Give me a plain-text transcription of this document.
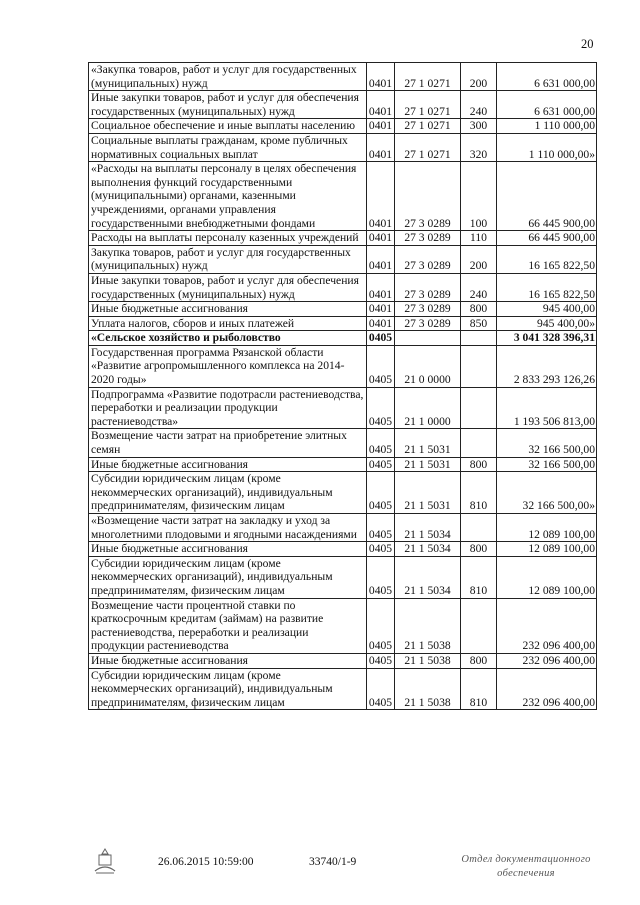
20
«Закупка товаров, работ и услуг для государственных (муниципальных) нужд	0401	27 1 0271	200	6 631 000,00
Иные закупки товаров, работ и услуг для обеспечения государственных (муниципальных) нужд	0401	27 1 0271	240	6 631 000,00
Социальное обеспечение и иные выплаты населению	0401	27 1 0271	300	1 110 000,00
Социальные выплаты гражданам, кроме публичных нормативных социальных выплат	0401	27 1 0271	320	1 110 000,00»
«Расходы на выплаты персоналу в целях обеспечения выполнения функций государственными (муниципальными) органами, казенными учреждениями, органами управления государственными внебюджетными фондами	0401	27 3 0289	100	66 445 900,00
Расходы на выплаты персоналу казенных учреждений	0401	27 3 0289	110	66 445 900,00
Закупка товаров, работ и услуг для государственных (муниципальных) нужд	0401	27 3 0289	200	16 165 822,50
Иные закупки товаров, работ и услуг для обеспечения государственных (муниципальных) нужд	0401	27 3 0289	240	16 165 822,50
Иные бюджетные ассигнования	0401	27 3 0289	800	945 400,00
Уплата налогов, сборов и иных платежей	0401	27 3 0289	850	945 400,00»
«Сельское хозяйство и рыболовство	0405			3 041 328 396,31
Государственная программа Рязанской области «Развитие агропромышленного комплекса на 2014-2020 годы»	0405	21 0 0000		2 833 293 126,26
Подпрограмма «Развитие подотрасли растениеводства, переработки и реализации продукции растениеводства»	0405	21 1 0000		1 193 506 813,00
Возмещение части затрат на приобретение элитных семян	0405	21 1 5031		32 166 500,00
Иные бюджетные ассигнования	0405	21 1 5031	800	32 166 500,00
Субсидии юридическим лицам (кроме некоммерческих организаций), индивидуальным предпринимателям, физическим лицам	0405	21 1 5031	810	32 166 500,00»
«Возмещение части затрат на закладку и уход за многолетними плодовыми и ягодными насаждениями	0405	21 1 5034		12 089 100,00
Иные бюджетные ассигнования	0405	21 1 5034	800	12 089 100,00
Субсидии юридическим лицам (кроме некоммерческих организаций), индивидуальным предпринимателям, физическим лицам	0405	21 1 5034	810	12 089 100,00
Возмещение части процентной ставки по краткосрочным кредитам (займам) на развитие растениеводства, переработки и реализации продукции растениеводства	0405	21 1 5038		232 096 400,00
Иные бюджетные ассигнования	0405	21 1 5038	800	232 096 400,00
Субсидии юридическим лицам (кроме некоммерческих организаций), индивидуальным предпринимателям, физическим лицам	0405	21 1 5038	810	232 096 400,00
26.06.2015 10:59:00	33740/1-9	Отдел документационного
обеспечения
